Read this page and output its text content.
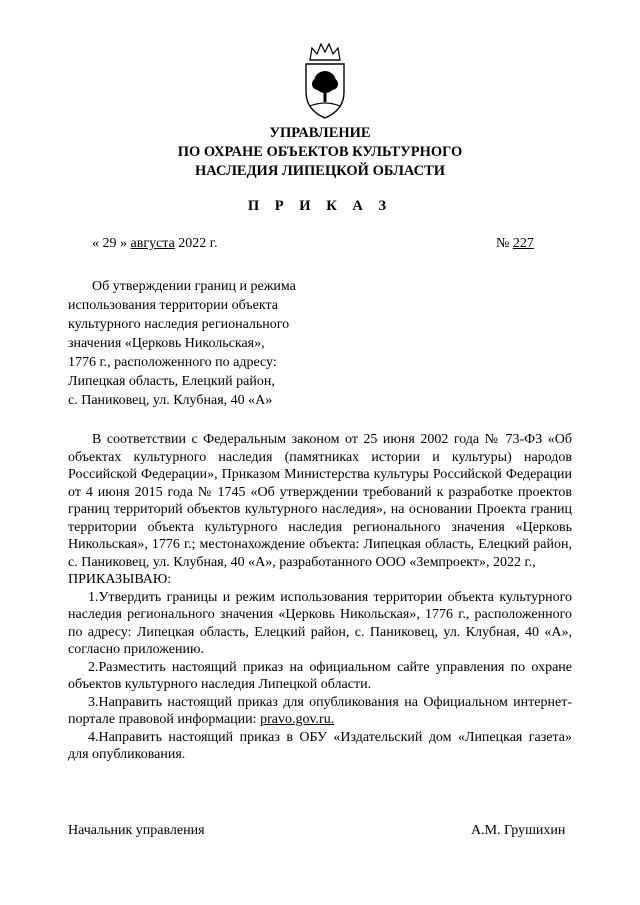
УПРАВЛЕНИЕ
ПО ОХРАНЕ ОБЪЕКТОВ КУЛЬТУРНОГО
НАСЛЕДИЯ ЛИПЕЦКОЙ ОБЛАСТИ
П Р И К А З
« 29 » августа 2022 г.	№ 227
Об утверждении границ и режима
использования территории объекта
культурного наследия регионального
значения «Церковь Никольская»,
1776 г., расположенного по адресу:
Липецкая область, Елецкий район,
с. Паниковец, ул. Клубная, 40 «А»

В соответствии с Федеральным законом от 25 июня 2002 года № 73-ФЗ «Об объектах культурного наследия (памятниках истории и культуры) народов Российской Федерации», Приказом Министерства культуры Российской Федерации от 4 июня 2015 года № 1745 «Об утверждении требований к разработке проектов границ территорий объектов культурного наследия», на основании Проекта границ территории объекта культурного наследия регионального значения «Церковь Никольская», 1776 г.; местонахождение объекта: Липецкая область, Елецкий район, с. Паниковец, ул. Клубная, 40 «А», разработанного ООО «Земпроект», 2022 г.,

ПРИКАЗЫВАЮ:

1.Утвердить границы и режим использования территории объекта культурного наследия регионального значения «Церковь Никольская», 1776 г., расположенного по адресу: Липецкая область, Елецкий район, с. Паниковец, ул. Клубная, 40 «А», согласно приложению.

2.Разместить настоящий приказ на официальном сайте управления по охране объектов культурного наследия Липецкой области.

3.Направить настоящий приказ для опубликования на Официальном интернет-портале правовой информации: pravo.gov.ru.

4.Направить настоящий приказ в ОБУ «Издательский дом «Липецкая газета» для опубликования.

Начальник управления	А.М. Грушихин
